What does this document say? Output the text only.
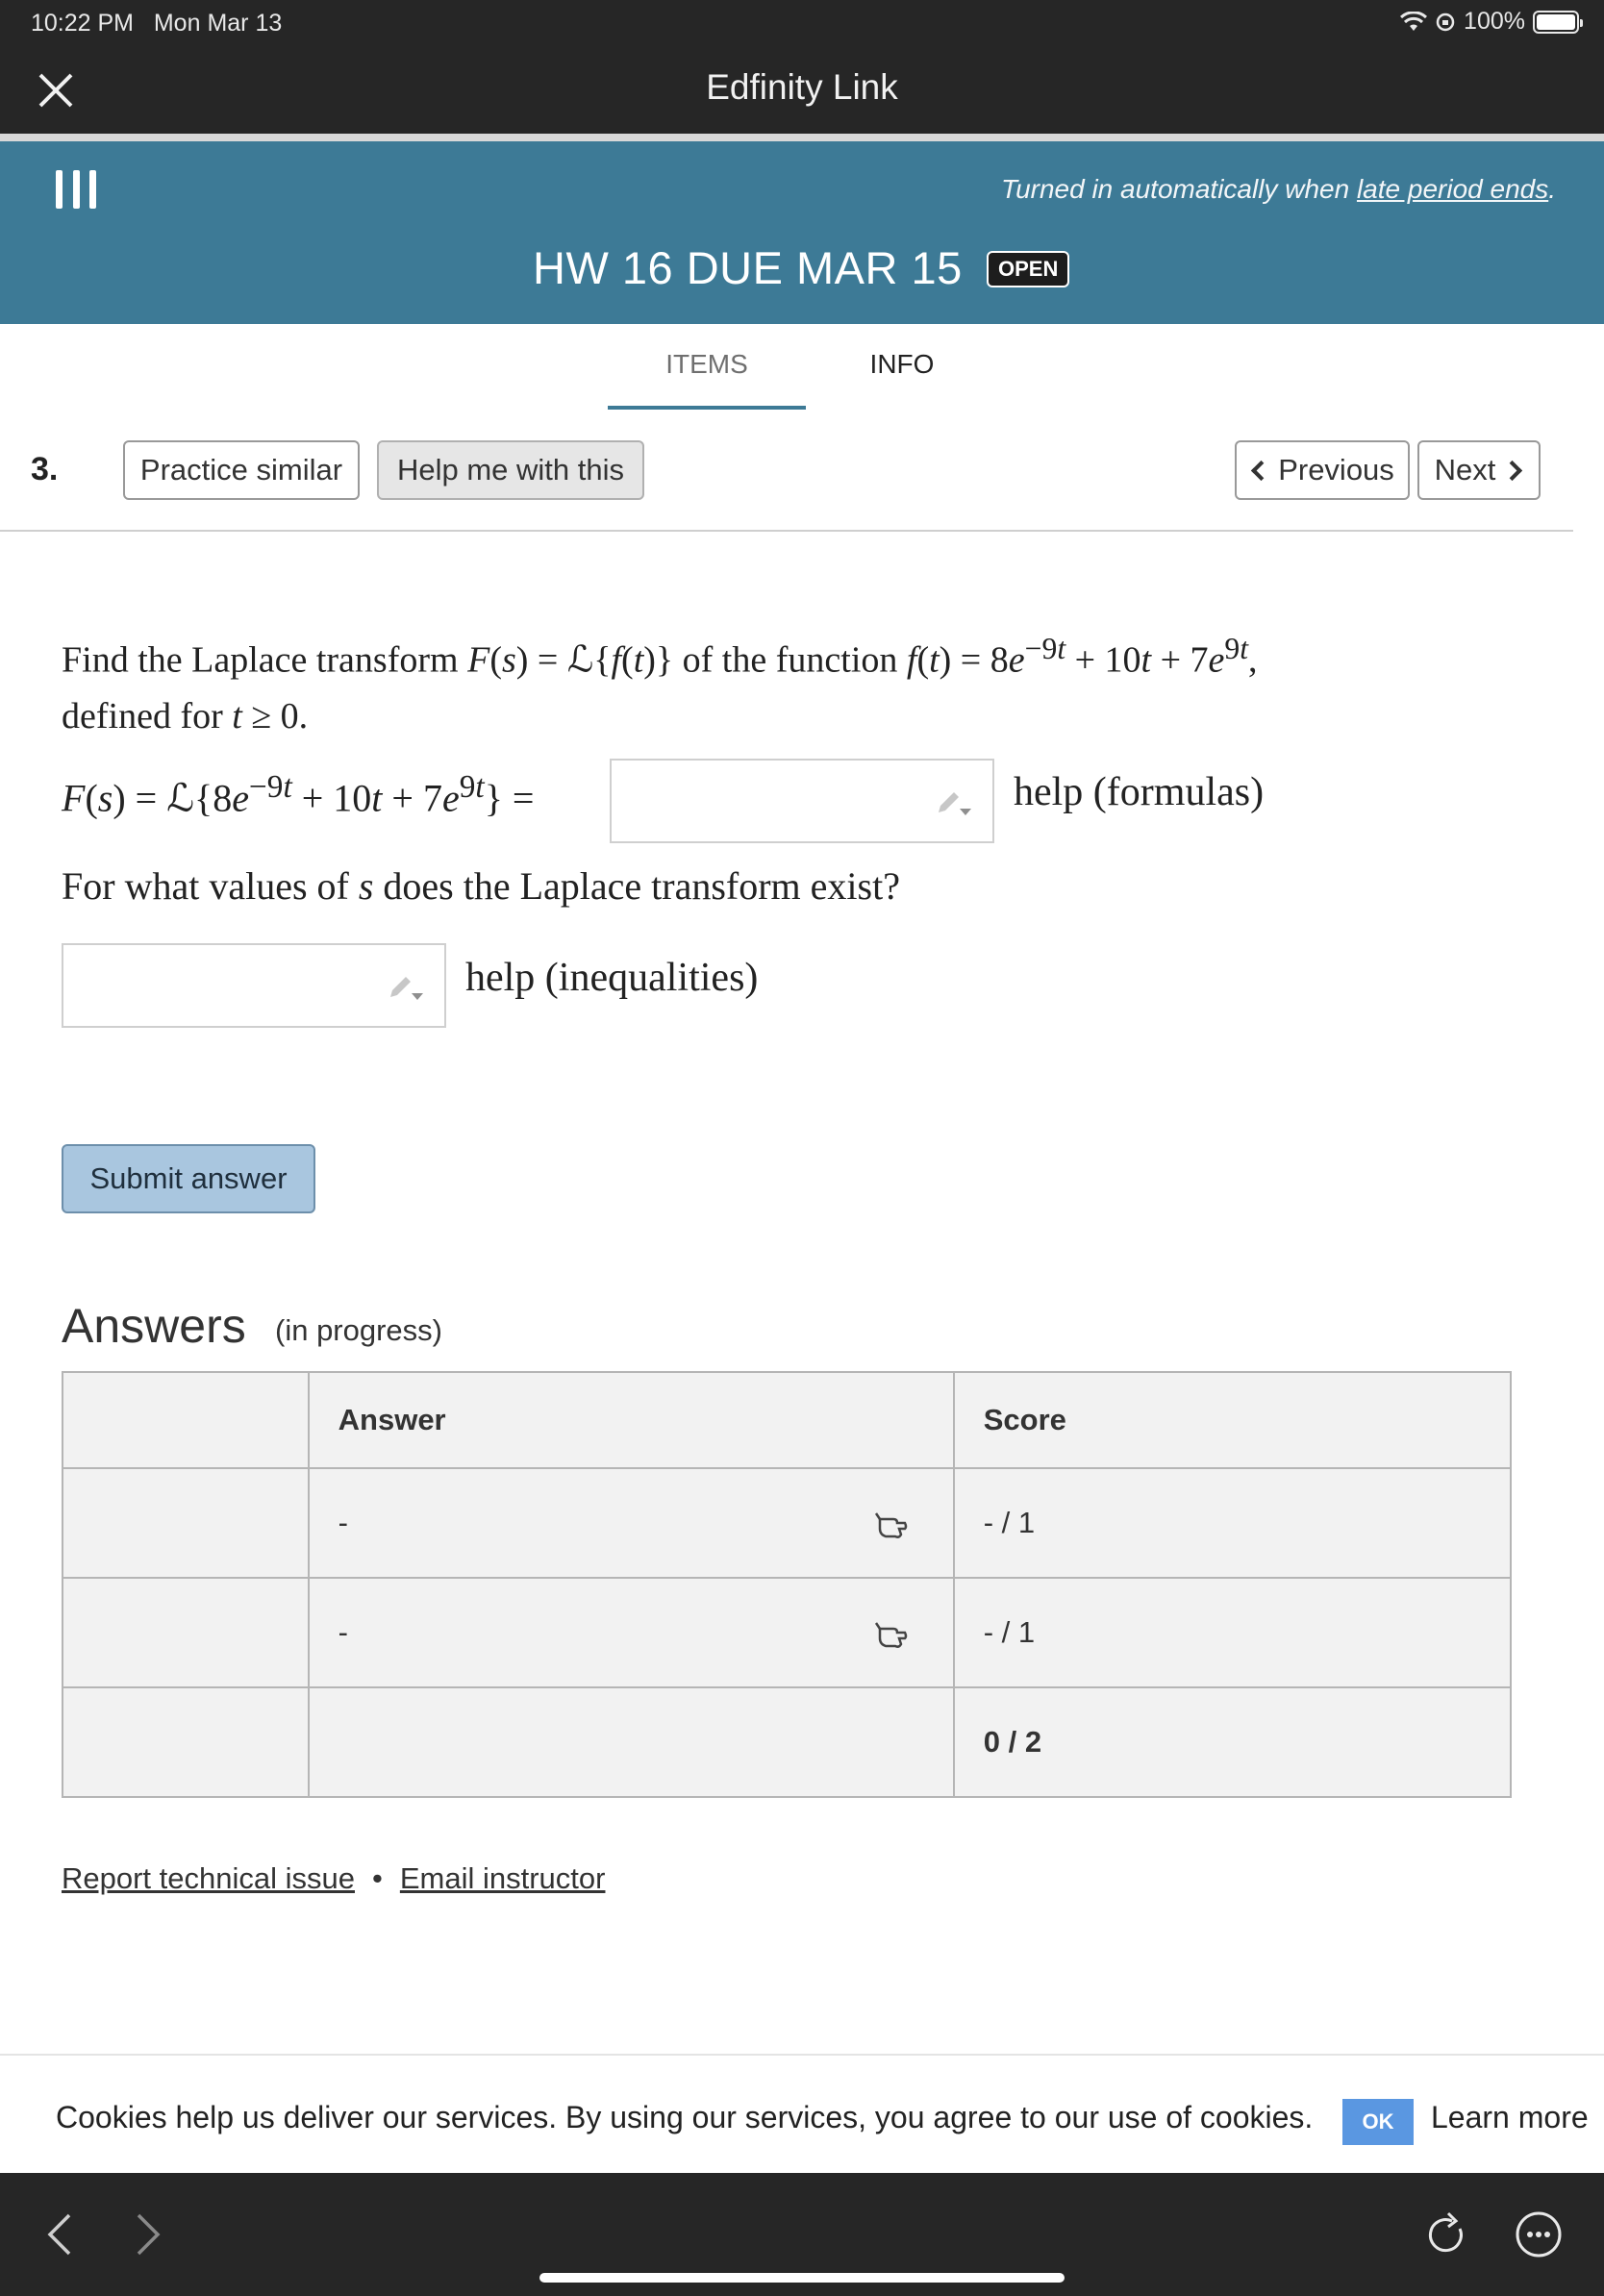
10:22 PM Mon Mar 13	100%
Edfinity Link
Turned in automatically when late period ends.
HW 16 DUE MAR 15	OPEN
ITEMS	INFO
3.	Practice similar	Help me with this	Previous Next
Find the Laplace transform F(s) = ℒ{f(t)} of the function $f(t) = 8e^{-9t} + 10t + 7e^{9t}$,
defined for t ≥ 0.
$F(s) = ℒ\{8e^{-9t} + 10t + 7e^{9t}\}$ =	help (formulas)
For what values of s does the Laplace transform exist?
help (inequalities)
Submit answer
Answers (in progress)
	Answer	Score
	-	- / 1
	-	- / 1
		0 / 2
Report technical issue • Email instructor
Cookies help us deliver our services. By using our services, you agree to our use of cookies.	OK	Learn more
